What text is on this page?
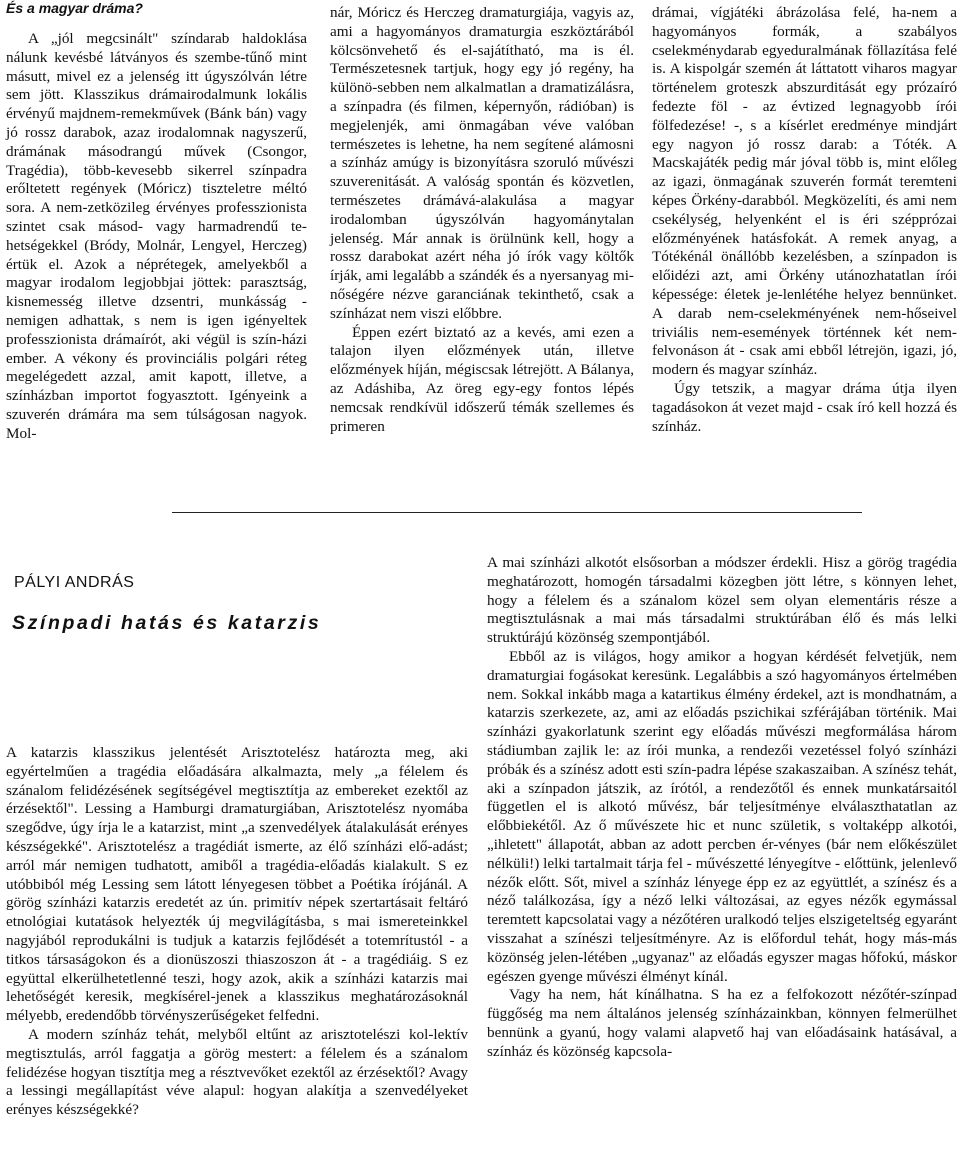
És a magyar dráma?

A „jól megcsinált" színdarab haldoklása nálunk kevésbé látványos és szembe-tűnő mint másutt, mivel ez a jelenség itt úgyszólván létre sem jött. Klasszikus drámairodalmunk lokális érvényű majdnem-remekművek (Bánk bán) vagy jó rossz darabok, azaz irodalomnak nagyszerű, drámának másodrangú művek (Csongor, Tragédia), több-kevesebb sikerrel színpadra erőltetett regények (Móricz) tiszteletre méltó sora. A nem-zetközileg érvényes professzionista szintet csak másod- vagy harmadrendű te-hetségekkel (Bródy, Molnár, Lengyel, Herczeg) értük el. Azok a néprétegek, amelyekből a magyar irodalom legjobbjai jöttek: parasztság, kisnemesség illetve dzsentri, munkásság - nemigen adhattak, s nem is igen igényeltek professzionista drámaírót, aki végül is szín-házi ember. A vékony és provinciális polgári réteg megelégedett azzal, amit kapott, illetve, a színházban importot fogyasztott. Igényeink a szuverén drámára ma sem túlságosan nagyok. Mol-

nár, Móricz és Herczeg dramaturgiája, vagyis az, ami a hagyományos dramaturgia eszköztárából kölcsönvehető és el-sajátítható, ma is él. Természetesnek tartjuk, hogy egy jó regény, ha különö-sebben nem alkalmatlan a dramatizálásra, a színpadra (és filmen, képernyőn, rádióban) is megjelenjék, ami önmagában véve valóban természetes is lehetne, ha nem segítené alámosni a színház amúgy is bizonyításra szoruló művészi szuverenitását. A valóság spontán és közvetlen, természetes drámává-alakulása a magyar irodalomban úgyszólván hagyománytalan jelenség. Már annak is örülnünk kell, hogy a rossz darabokat azért néha jó írók vagy költők írják, ami legalább a szándék és a nyersanyag mi-nőségére nézve garanciának tekinthető, csak a színházat nem viszi előbbre.

Éppen ezért biztató az a kevés, ami ezen a talajon ilyen előzmények után, illetve előzmények híján, mégiscsak létrejött. A Bálanya, az Adáshiba, Az öreg egy-egy fontos lépés nemcsak rendkívül időszerű témák szellemes és primeren

drámai, vígjátéki ábrázolása felé, ha-nem a hagyományos formák, a szabályos cselekménydarab egyeduralmának föllazítása felé is. A kispolgár szemén át láttatott viharos magyar történelem groteszk abszurditását egy prózaíró fedezte föl - az évtized legnagyobb írói fölfedezése! -, s a kísérlet eredménye mindjárt egy nagyon jó rossz darab: a Tóték. A Macskajáték pedig már jóval több is, mint előleg az igazi, önmagának szuverén formát teremteni képes Örkény-darabból. Megközelíti, és ami nem csekélység, helyenként el is éri szépprózai előzményének hatásfokát. A remek anyag, a Tótékénál önállóbb kezelésben, a színpadon is előidézi azt, ami Örkény utánozhatatlan írói képessége: életek je-lenlétéhe helyez bennünket. A darab nem-cselekményének nem-hőseivel triviális nem-események történnek két nem-felvonáson át - csak ami ebből létrejön, igazi, jó, modern és magyar színház.

Úgy tetszik, a magyar dráma útja ilyen tagadásokon át vezet majd - csak író kell hozzá és színház.

PÁLYI ANDRÁS
Színpadi hatás és katarzis

A katarzis klasszikus jelentését Arisztotelész határozta meg, aki egyértelműen a tragédia előadására alkalmazta, mely „a félelem és szánalom felidézésének segítségével megtisztítja az embereket ezektől az érzésektől". Lessing a Hamburgi dramaturgiában, Arisztotelész nyomába szegődve, úgy írja le a katarzist, mint „a szenvedélyek átalakulását erényes készségekké". Arisztotelész a tragédiát ismerte, az élő színházi elő-adást; arról már nemigen tudhatott, amiből a tragédia-előadás kialakult. S ez utóbbiból még Lessing sem látott lényegesen többet a Poétika írójánál. A görög színházi katarzis eredetét az ún. primitív népek szertartásait feltáró etnológiai kutatások helyezték új megvilágításba, s mai ismereteinkkel nagyjából reprodukálni is tudjuk a katarzis fejlődését a totemrítustól - a titkos társaságokon és a dionüszoszi thiaszoszon át - a tragédiáig. S ez együttal elkerülhetetlenné teszi, hogy azok, akik a színházi katarzis mai lehetőségét keresik, megkísérel-jenek a klasszikus meghatározásoknál mélyebb, eredendőbb törvényszerűségeket felfedni.

A modern színház tehát, melyből eltűnt az arisztotelészi kol-lektív megtisztulás, arról faggatja a görög mestert: a félelem és a szánalom felidézése hogyan tisztítja meg a résztvevőket ezektől az érzésektől? Avagy a lessingi megállapítást véve alapul: hogyan alakítja a szenvedélyeket erényes készségekké?

A mai színházi alkotót elsősorban a módszer érdekli. Hisz a görög tragédia meghatározott, homogén társadalmi közegben jött létre, s könnyen lehet, hogy a félelem és a szánalom közel sem olyan elementáris része a megtisztulásnak a mai más társadalmi struktúrában élő és más lelki struktúrájú közönség szempontjából.

Ebből az is világos, hogy amikor a hogyan kérdését felvetjük, nem dramaturgiai fogásokat keresünk. Legalábbis a szó hagyományos értelmében nem. Sokkal inkább maga a katartikus élmény érdekel, azt is mondhatnám, a katarzis szerkezete, az, ami az előadás pszichikai szférájában történik. Mai színházi gyakorlatunk szerint egy előadás művészi megformálása három stádiumban zajlik le: az írói munka, a rendezői vezetéssel folyó színházi próbák és a színész adott esti szín-padra lépése szakaszaiban. A színész tehát, aki a színpadon játszik, az írótól, a rendezőtől és ennek munkatársaitól független el is alkotó művész, bár teljesítménye elválaszthatatlan az előbbiekétől. Az ő művészete hic et nunc születik, s voltaképp alkotói, „ihletett" állapotát, abban az adott percben ér-vényes (bár nem előkészület nélküli!) lelki tartalmait tárja fel - művészetté lényegítve - előttünk, jelenlevő nézők előtt. Sőt, mivel a színház lényege épp ez az együttlét, a színész és a néző találkozása, így a néző lelki változásai, az egyes nézők egymással teremtett kapcsolatai vagy a nézőtéren uralkodó teljes elszigeteltség egyaránt visszahat a színészi teljesítményre. Az is előfordul tehát, hogy más-más közönség jelen-létében „ugyanaz" az előadás egyszer magas hőfokú, máskor egészen gyenge művészi élményt kínál.

Vagy ha nem, hát kínálhatna. S ha ez a felfokozott nézőtér-színpad függőség ma nem általános jelenség színházainkban, könnyen felmerülhet bennünk a gyanú, hogy valami alapvető haj van előadásaink hatásával, a színház és közönség kapcsola-
